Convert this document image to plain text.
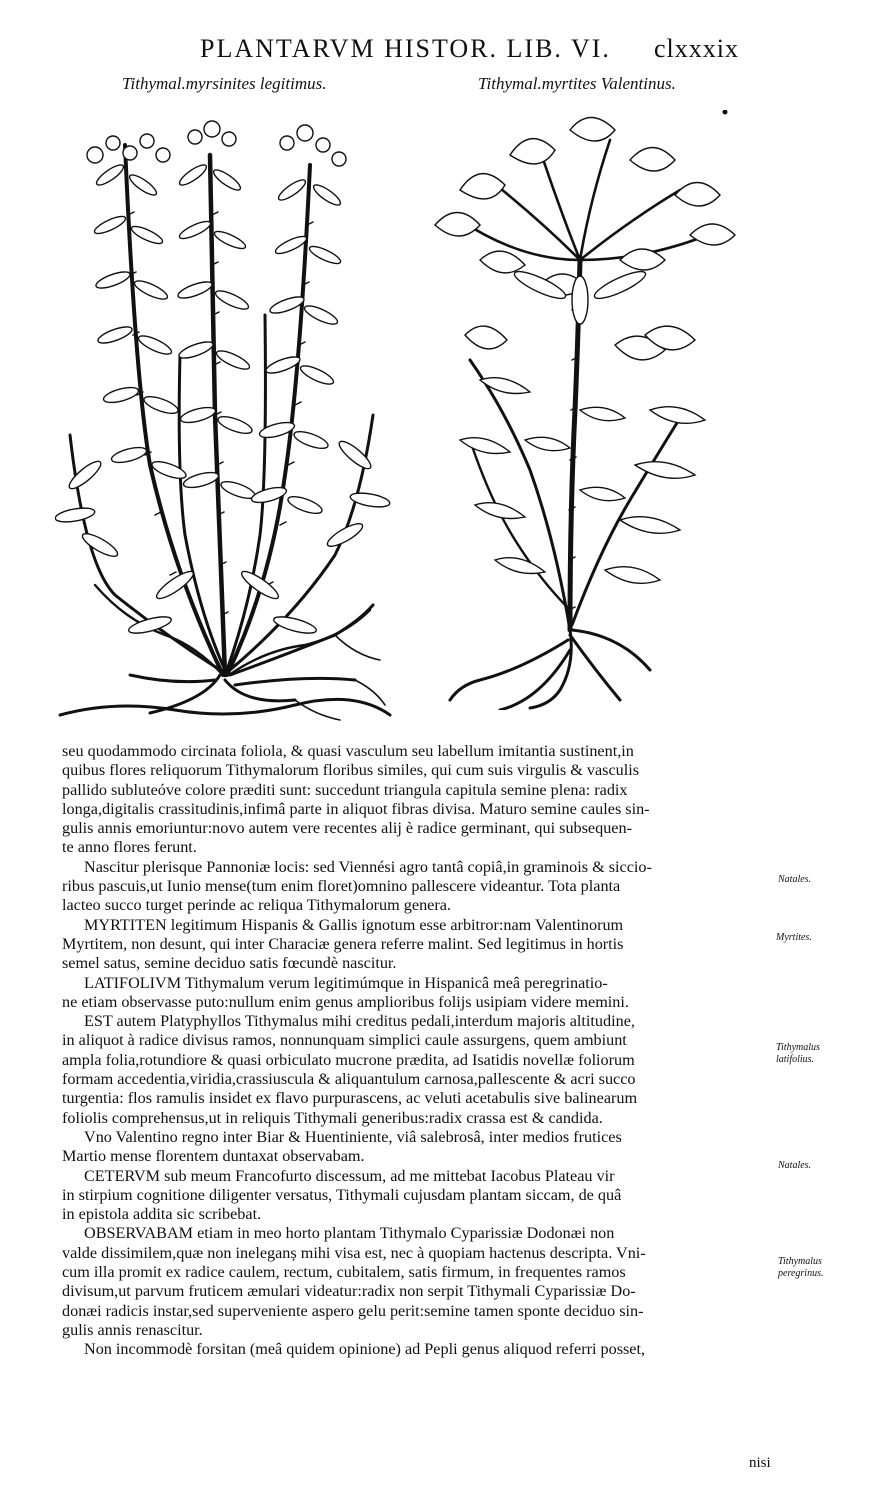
PLANTARVM HISTOR. LIB. VI. clxxxix
Tithymal.myrsinites legitimus.	Tithymal.myrtites Valentinus.
seu quodammodo circinata foliola, & quasi vasculum seu labellum imitantia sustinent,in
quibus flores reliquorum Tithymalorum floribus similes, qui cum suis virgulis & vasculis
pallido subluteóve colore præditi sunt: succedunt triangula capitula semine plena: radix
longa,digitalis crassitudinis,infimâ parte in aliquot fibras divisa. Maturo semine caules sin-
gulis annis emoriuntur:novo autem vere recentes alij è radice germinant, qui subsequen-
te anno flores ferunt.
Nascitur plerisque Pannoniæ locis: sed Viennési agro tantâ copiâ,in graminois & siccio-
ribus pascuis,ut Iunio mense(tum enim floret)omnino pallescere videantur. Tota planta
lacteo succo turget perinde ac reliqua Tithymalorum genera.
MYRTITEN legitimum Hispanis & Gallis ignotum esse arbitror:nam Valentinorum
Myrtitem, non desunt, qui inter Characiæ genera referre malint. Sed legitimus in hortis
semel satus, semine deciduo satis fœcundè nascitur.
LATIFOLIVM Tithymalum verum legitimúmque in Hispanicâ meâ peregrinatio-
ne etiam observasse puto:nullum enim genus amplioribus folijs usipiam videre memini.
EST autem Platyphyllos Tithymalus mihi creditus pedali,interdum majoris altitudine,
in aliquot à radice divisus ramos, nonnunquam simplici caule assurgens, quem ambiunt
ampla folia,rotundiore & quasi orbiculato mucrone prædita, ad Isatidis novellæ foliorum
formam accedentia,viridia,crassiuscula & aliquantulum carnosa,pallescente & acri succo
turgentia: flos ramulis insidet ex flavo purpurascens, ac veluti acetabulis sive balinearum
foliolis comprehensus,ut in reliquis Tithymali generibus:radix crassa est & candida.
Vno Valentino regno inter Biar & Huentiniente, viâ salebrosâ, inter medios frutices
Martio mense florentem duntaxat observabam.
CETERVM sub meum Francofurto discessum, ad me mittebat Iacobus Plateau vir
in stirpium cognitione diligenter versatus, Tithymali cujusdam plantam siccam, de quâ
in epistola addita sic scribebat.
OBSERVABAM etiam in meo horto plantam Tithymalo Cyparissiæ Dodonæi non
valde dissimilem,quæ non ineleganș mihi visa est, nec à quopiam hactenus descripta. Vni-
cum illa promit ex radice caulem, rectum, cubitalem, satis firmum, in frequentes ramos
divisum,ut parvum fruticem æmulari videatur:radix non serpit Tithymali Cyparissiæ Do-
donæi radicis instar,sed superveniente aspero gelu perit:semine tamen sponte deciduo sin-
gulis annis renascitur.
Non incommodè forsitan (meâ quidem opinione) ad Pepli genus aliquod referri posset,
Natales.
Myrtites.
Tithymalus latifolius.
Natales.
Tithymalus peregrinus.
nisi
